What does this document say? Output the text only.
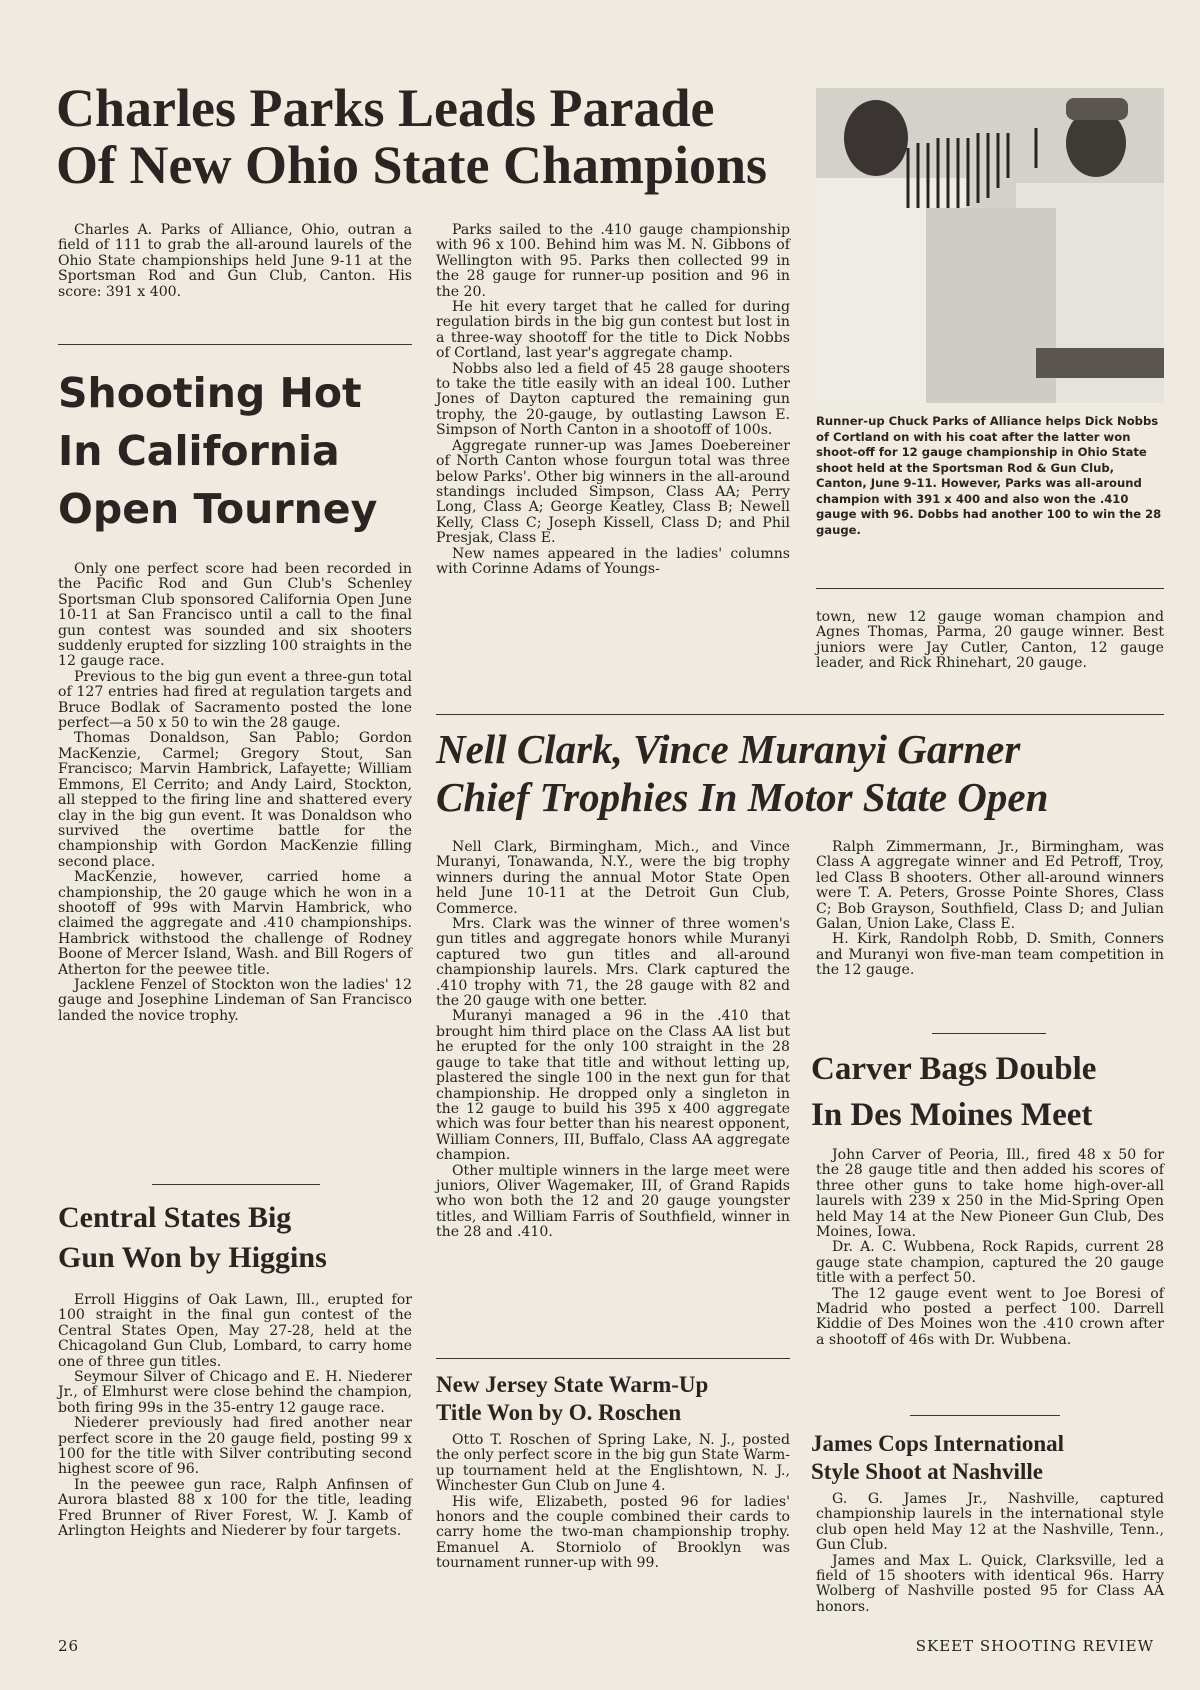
Charles Parks Leads Parade
Of New Ohio State Champions

Charles A. Parks of Alliance, Ohio, outran a field of 111 to grab the all-around laurels of the Ohio State championships held June 9-11 at the Sportsman Rod and Gun Club, Canton. His score: 391 x 400.

Shooting Hot
In California
Open Tourney

Only one perfect score had been recorded in the Pacific Rod and Gun Club's Schenley Sportsman Club sponsored California Open June 10-11 at San Francisco until a call to the final gun contest was sounded and six shooters suddenly erupted for sizzling 100 straights in the 12 gauge race.

Previous to the big gun event a three-gun total of 127 entries had fired at regulation targets and Bruce Bodlak of Sacramento posted the lone perfect—a 50 x 50 to win the 28 gauge.

Thomas Donaldson, San Pablo; Gordon MacKenzie, Carmel; Gregory Stout, San Francisco; Marvin Hambrick, Lafayette; William Emmons, El Cerrito; and Andy Laird, Stockton, all stepped to the firing line and shattered every clay in the big gun event. It was Donaldson who survived the overtime battle for the championship with Gordon MacKenzie filling second place.

MacKenzie, however, carried home a championship, the 20 gauge which he won in a shootoff of 99s with Marvin Hambrick, who claimed the aggregate and .410 championships. Hambrick withstood the challenge of Rodney Boone of Mercer Island, Wash. and Bill Rogers of Atherton for the peewee title.

Jacklene Fenzel of Stockton won the ladies' 12 gauge and Josephine Lindeman of San Francisco landed the novice trophy.

Central States Big
Gun Won by Higgins

Erroll Higgins of Oak Lawn, Ill., erupted for 100 straight in the final gun contest of the Central States Open, May 27-28, held at the Chicagoland Gun Club, Lombard, to carry home one of three gun titles.

Seymour Silver of Chicago and E. H. Niederer Jr., of Elmhurst were close behind the champion, both firing 99s in the 35-entry 12 gauge race.

Niederer previously had fired another near perfect score in the 20 gauge field, posting 99 x 100 for the title with Silver contributing second highest score of 96.

In the peewee gun race, Ralph Anfinsen of Aurora blasted 88 x 100 for the title, leading Fred Brunner of River Forest, W. J. Kamb of Arlington Heights and Niederer by four targets.

Parks sailed to the .410 gauge championship with 96 x 100. Behind him was M. N. Gibbons of Wellington with 95. Parks then collected 99 in the 28 gauge for runner-up position and 96 in the 20.

He hit every target that he called for during regulation birds in the big gun contest but lost in a three-way shootoff for the title to Dick Nobbs of Cortland, last year's aggregate champ.

Nobbs also led a field of 45 28 gauge shooters to take the title easily with an ideal 100. Luther Jones of Dayton captured the remaining gun trophy, the 20-gauge, by outlasting Lawson E. Simpson of North Canton in a shootoff of 100s.

Aggregate runner-up was James Doebereiner of North Canton whose fourgun total was three below Parks'. Other big winners in the all-around standings included Simpson, Class AA; Perry Long, Class A; George Keatley, Class B; Newell Kelly, Class C; Joseph Kissell, Class D; and Phil Presjak, Class E.

New names appeared in the ladies' columns with Corinne Adams of Youngs-

Runner-up Chuck Parks of Alliance helps Dick Nobbs of Cortland on with his coat after the latter won shoot-off for 12 gauge championship in Ohio State shoot held at the Sportsman Rod & Gun Club, Canton, June 9-11. However, Parks was all-around champion with 391 x 400 and also won the .410 gauge with 96. Dobbs had another 100 to win the 28 gauge.

town, new 12 gauge woman champion and Agnes Thomas, Parma, 20 gauge winner. Best juniors were Jay Cutler, Canton, 12 gauge leader, and Rick Rhinehart, 20 gauge.

Nell Clark, Vince Muranyi Garner
Chief Trophies In Motor State Open

Nell Clark, Birmingham, Mich., and Vince Muranyi, Tonawanda, N.Y., were the big trophy winners during the annual Motor State Open held June 10-11 at the Detroit Gun Club, Commerce.

Mrs. Clark was the winner of three women's gun titles and aggregate honors while Muranyi captured two gun titles and all-around championship laurels. Mrs. Clark captured the .410 trophy with 71, the 28 gauge with 82 and the 20 gauge with one better.

Muranyi managed a 96 in the .410 that brought him third place on the Class AA list but he erupted for the only 100 straight in the 28 gauge to take that title and without letting up, plastered the single 100 in the next gun for that championship. He dropped only a singleton in the 12 gauge to build his 395 x 400 aggregate which was four better than his nearest opponent, William Conners, III, Buffalo, Class AA aggregate champion.

Other multiple winners in the large meet were juniors, Oliver Wagemaker, III, of Grand Rapids who won both the 12 and 20 gauge youngster titles, and William Farris of Southfield, winner in the 28 and .410.

Ralph Zimmermann, Jr., Birmingham, was Class A aggregate winner and Ed Petroff, Troy, led Class B shooters. Other all-around winners were T. A. Peters, Grosse Pointe Shores, Class C; Bob Grayson, Southfield, Class D; and Julian Galan, Union Lake, Class E.

H. Kirk, Randolph Robb, D. Smith, Conners and Muranyi won five-man team competition in the 12 gauge.

New Jersey State Warm-Up
Title Won by O. Roschen

Otto T. Roschen of Spring Lake, N. J., posted the only perfect score in the big gun State Warm-up tournament held at the Englishtown, N. J., Winchester Gun Club on June 4.

His wife, Elizabeth, posted 96 for ladies' honors and the couple combined their cards to carry home the two-man championship trophy. Emanuel A. Storniolo of Brooklyn was tournament runner-up with 99.

Carver Bags Double
In Des Moines Meet

John Carver of Peoria, Ill., fired 48 x 50 for the 28 gauge title and then added his scores of three other guns to take home high-over-all laurels with 239 x 250 in the Mid-Spring Open held May 14 at the New Pioneer Gun Club, Des Moines, Iowa.

Dr. A. C. Wubbena, Rock Rapids, current 28 gauge state champion, captured the 20 gauge title with a perfect 50.

The 12 gauge event went to Joe Boresi of Madrid who posted a perfect 100. Darrell Kiddie of Des Moines won the .410 crown after a shootoff of 46s with Dr. Wubbena.

James Cops International
Style Shoot at Nashville

G. G. James Jr., Nashville, captured championship laurels in the international style club open held May 12 at the Nashville, Tenn., Gun Club.

James and Max L. Quick, Clarksville, led a field of 15 shooters with identical 96s. Harry Wolberg of Nashville posted 95 for Class AA honors.

26	SKEET SHOOTING REVIEW
